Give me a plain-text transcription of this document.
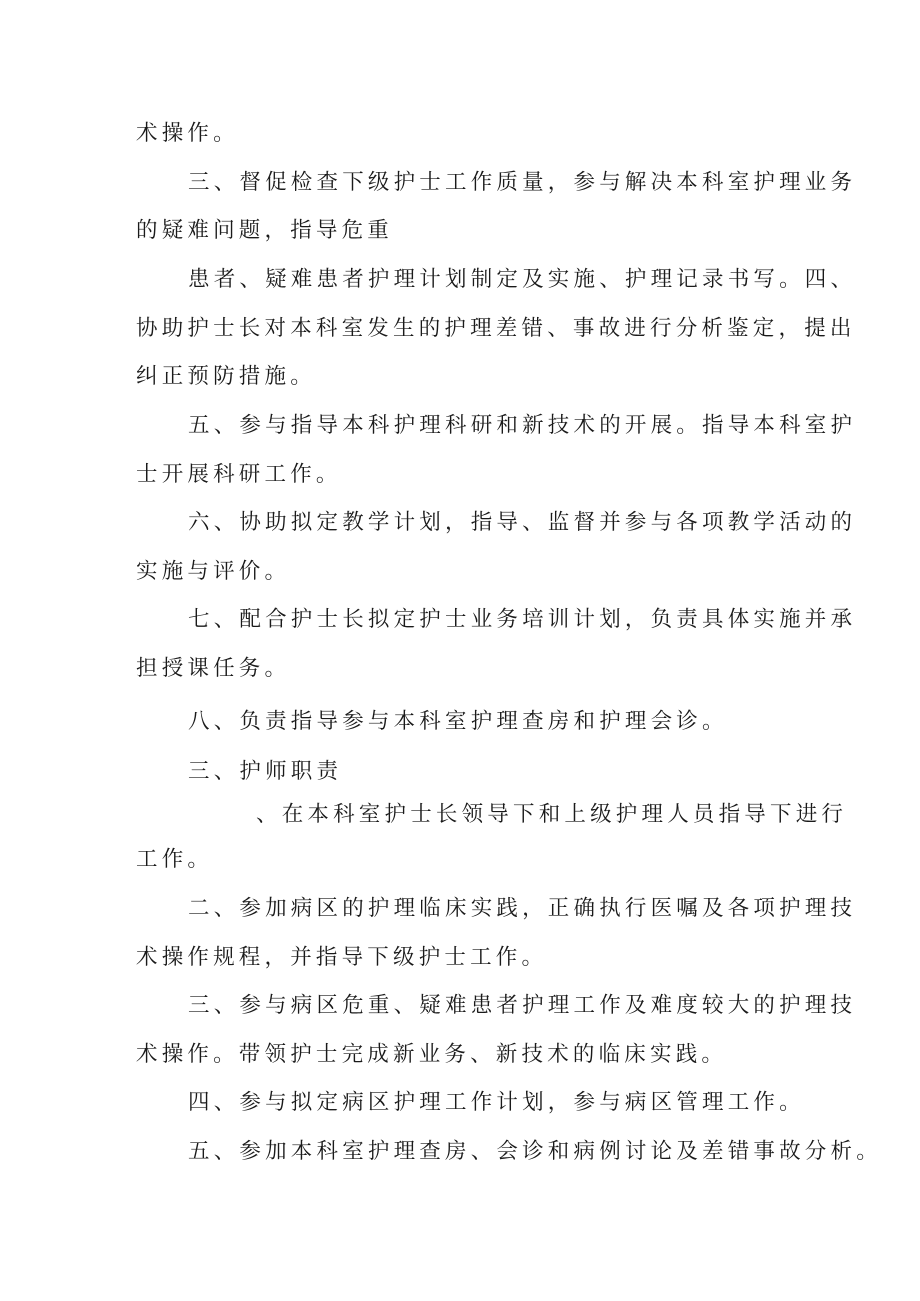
术操作。

三、督促检查下级护士工作质量，参与解决本科室护理业务

的疑难问题，指导危重

患者、疑难患者护理计划制定及实施、护理记录书写。四、

协助护士长对本科室发生的护理差错、事故进行分析鉴定，提出

纠正预防措施。

五、参与指导本科护理科研和新技术的开展。指导本科室护

士开展科研工作。

六、协助拟定教学计划，指导、监督并参与各项教学活动的

实施与评价。

七、配合护士长拟定护士业务培训计划，负责具体实施并承

担授课任务。

八、负责指导参与本科室护理查房和护理会诊。

三、护师职责

、在本科室护士长领导下和上级护理人员指导下进行

工作。

二、参加病区的护理临床实践，正确执行医嘱及各项护理技

术操作规程，并指导下级护士工作。

三、参与病区危重、疑难患者护理工作及难度较大的护理技

术操作。带领护士完成新业务、新技术的临床实践。

四、参与拟定病区护理工作计划，参与病区管理工作。

五、参加本科室护理查房、会诊和病例讨论及差错事故分析。
